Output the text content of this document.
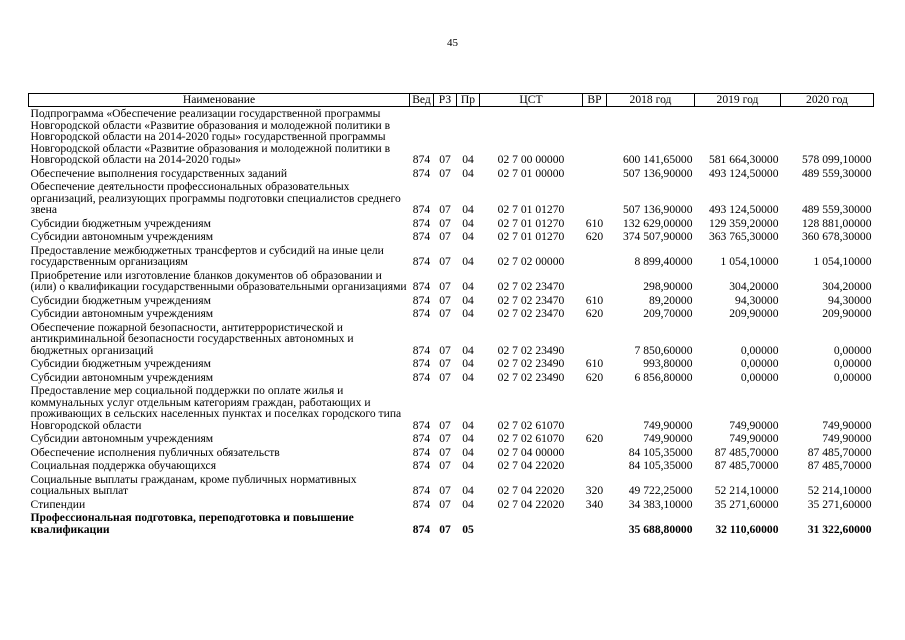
45
Наименование	Вед	РЗ	Пр	ЦСТ	ВР	2018 год	2019 год	2020 год
Подпрограмма «Обеспечение реализации государственной программы Новгородской области «Развитие образования и молодежной политики в Новгородской области на 2014-2020 годы» государственной программы Новгородской области «Развитие образования и молодежной политики в Новгородской области на 2014-2020 годы»	874	07	04	02 7 00 00000		600 141,65000	581 664,30000	578 099,10000
Обеспечение выполнения государственных заданий	874	07	04	02 7 01 00000		507 136,90000	493 124,50000	489 559,30000
Обеспечение деятельности профессиональных образовательных организаций, реализующих программы подготовки специалистов среднего звена	874	07	04	02 7 01 01270		507 136,90000	493 124,50000	489 559,30000
Субсидии бюджетным учреждениям	874	07	04	02 7 01 01270	610	132 629,00000	129 359,20000	128 881,00000
Субсидии автономным учреждениям	874	07	04	02 7 01 01270	620	374 507,90000	363 765,30000	360 678,30000
Предоставление межбюджетных трансфертов и субсидий на иные цели государственным организациям	874	07	04	02 7 02 00000		8 899,40000	1 054,10000	1 054,10000
Приобретение или изготовление бланков документов об образовании и (или) о квалификации государственными образовательными организациями	874	07	04	02 7 02 23470		298,90000	304,20000	304,20000
Субсидии бюджетным учреждениям	874	07	04	02 7 02 23470	610	89,20000	94,30000	94,30000
Субсидии автономным учреждениям	874	07	04	02 7 02 23470	620	209,70000	209,90000	209,90000
Обеспечение пожарной безопасности, антитеррористической и антикриминальной безопасности государственных автономных и бюджетных организаций	874	07	04	02 7 02 23490		7 850,60000	0,00000	0,00000
Субсидии бюджетным учреждениям	874	07	04	02 7 02 23490	610	993,80000	0,00000	0,00000
Субсидии автономным учреждениям	874	07	04	02 7 02 23490	620	6 856,80000	0,00000	0,00000
Предоставление мер социальной поддержки по оплате жилья и коммунальных услуг отдельным категориям граждан, работающих и проживающих в сельских населенных пунктах и поселках городского типа Новгородской области	874	07	04	02 7 02 61070		749,90000	749,90000	749,90000
Субсидии автономным учреждениям	874	07	04	02 7 02 61070	620	749,90000	749,90000	749,90000
Обеспечение исполнения публичных обязательств	874	07	04	02 7 04 00000		84 105,35000	87 485,70000	87 485,70000
Социальная поддержка обучающихся	874	07	04	02 7 04 22020		84 105,35000	87 485,70000	87 485,70000
Социальные выплаты гражданам, кроме публичных нормативных социальных выплат	874	07	04	02 7 04 22020	320	49 722,25000	52 214,10000	52 214,10000
Стипендии	874	07	04	02 7 04 22020	340	34 383,10000	35 271,60000	35 271,60000
Профессиональная подготовка, переподготовка и повышение квалификации	874	07	05			35 688,80000	32 110,60000	31 322,60000
